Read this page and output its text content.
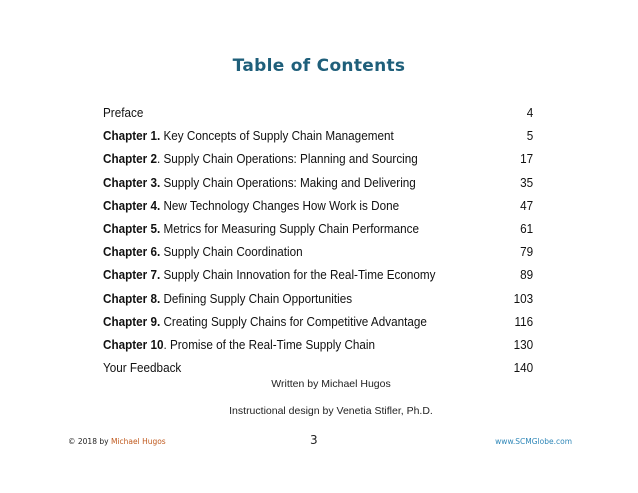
Table of Contents
Preface	4
Chapter 1. Key Concepts of Supply Chain Management	5
Chapter 2. Supply Chain Operations: Planning and Sourcing	17
Chapter 3. Supply Chain Operations: Making and Delivering	35
Chapter 4. New Technology Changes How Work is Done	47
Chapter 5. Metrics for Measuring Supply Chain Performance	61
Chapter 6. Supply Chain Coordination	79
Chapter 7. Supply Chain Innovation for the Real-Time Economy	89
Chapter 8. Defining Supply Chain Opportunities	103
Chapter 9. Creating Supply Chains for Competitive Advantage	116
Chapter 10. Promise of the Real-Time Supply Chain	130
Your Feedback	140
Written by Michael Hugos
Instructional design by Venetia Stifler, Ph.D.
© 2018 by Michael Hugos	3	www.SCMGlobe.com
